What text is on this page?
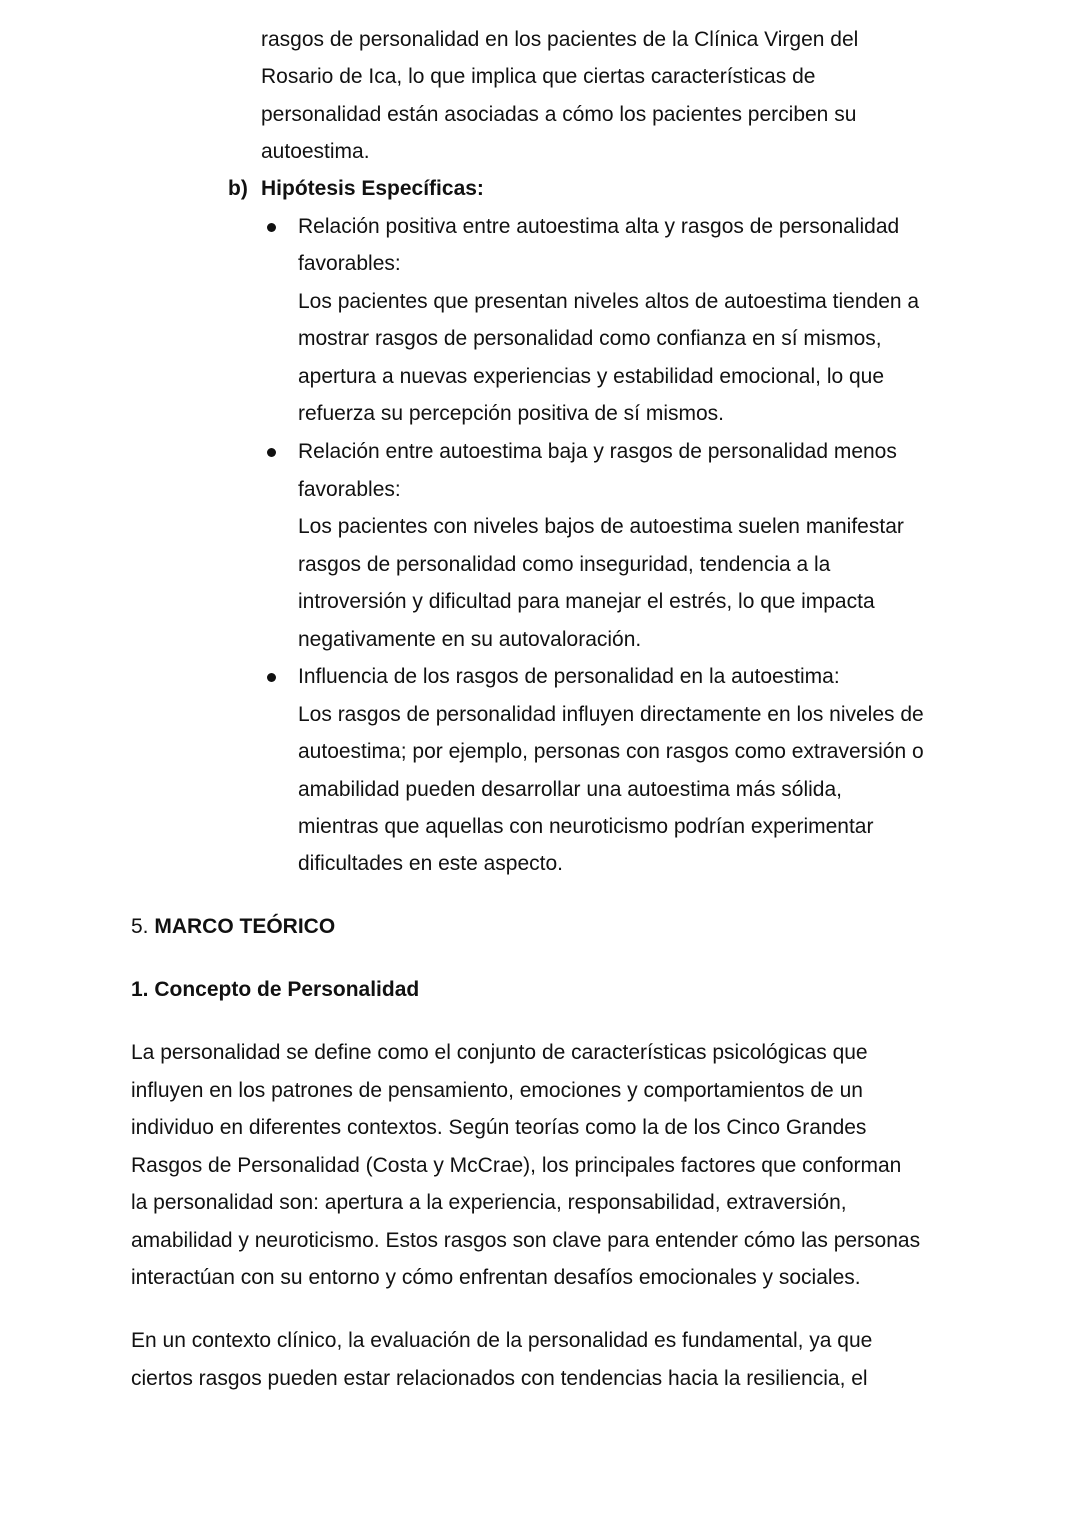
rasgos de personalidad en los pacientes de la Clínica Virgen del
Rosario de Ica, lo que implica que ciertas características de
personalidad están asociadas a cómo los pacientes perciben su
autoestima.
b) Hipótesis Específicas:
Relación positiva entre autoestima alta y rasgos de personalidad
favorables:
Los pacientes que presentan niveles altos de autoestima tienden a
mostrar rasgos de personalidad como confianza en sí mismos,
apertura a nuevas experiencias y estabilidad emocional, lo que
refuerza su percepción positiva de sí mismos.
Relación entre autoestima baja y rasgos de personalidad menos
favorables:
Los pacientes con niveles bajos de autoestima suelen manifestar
rasgos de personalidad como inseguridad, tendencia a la
introversión y dificultad para manejar el estrés, lo que impacta
negativamente en su autovaloración.
Influencia de los rasgos de personalidad en la autoestima:
Los rasgos de personalidad influyen directamente en los niveles de
autoestima; por ejemplo, personas con rasgos como extraversión o
amabilidad pueden desarrollar una autoestima más sólida,
mientras que aquellas con neuroticismo podrían experimentar
dificultades en este aspecto.
5. MARCO TEÓRICO
1. Concepto de Personalidad
La personalidad se define como el conjunto de características psicológicas que
influyen en los patrones de pensamiento, emociones y comportamientos de un
individuo en diferentes contextos. Según teorías como la de los Cinco Grandes
Rasgos de Personalidad (Costa y McCrae), los principales factores que conforman
la personalidad son: apertura a la experiencia, responsabilidad, extraversión,
amabilidad y neuroticismo. Estos rasgos son clave para entender cómo las personas
interactúan con su entorno y cómo enfrentan desafíos emocionales y sociales.
En un contexto clínico, la evaluación de la personalidad es fundamental, ya que
ciertos rasgos pueden estar relacionados con tendencias hacia la resiliencia, el
